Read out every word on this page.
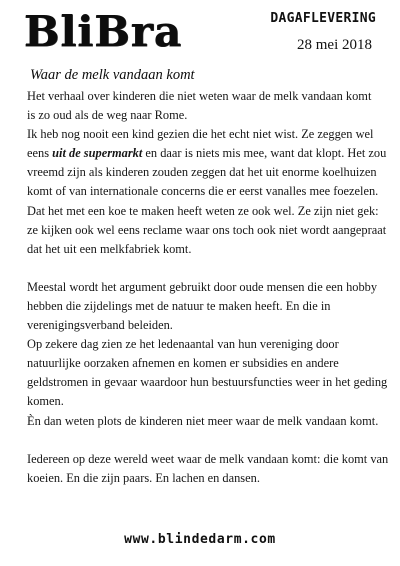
BliBra	DAGAFLEVERING
28 mei 2018
Waar de melk vandaan komt

Het verhaal over kinderen die niet weten waar de melk vandaan komt
is zo oud als de weg naar Rome.

Ik heb nog nooit een kind gezien die het echt niet wist. Ze zeggen wel
eens uit de supermarkt en daar is niets mis mee, want dat klopt. Het zou
vreemd zijn als kinderen zouden zeggen dat het uit enorme koelhuizen
komt of van internationale concerns die er eerst vanalles mee foezelen.
Dat het met een koe te maken heeft weten ze ook wel. Ze zijn niet gek:
ze kijken ook wel eens reclame waar ons toch ook niet wordt aangepraat
dat het uit een melkfabriek komt.

Meestal wordt het argument gebruikt door oude mensen die een hobby
hebben die zijdelings met de natuur te maken heeft. En die in
verenigingsverband beleiden.

Op zekere dag zien ze het ledenaantal van hun vereniging door
natuurlijke oorzaken afnemen en komen er subsidies en andere
geldstromen in gevaar waardoor hun bestuursfuncties weer in het geding
komen.

Èn dan weten plots de kinderen niet meer waar de melk vandaan komt.

Iedereen op deze wereld weet waar de melk vandaan komt: die komt van
koeien. En die zijn paars. En lachen en dansen.

www.blindedarm.com
